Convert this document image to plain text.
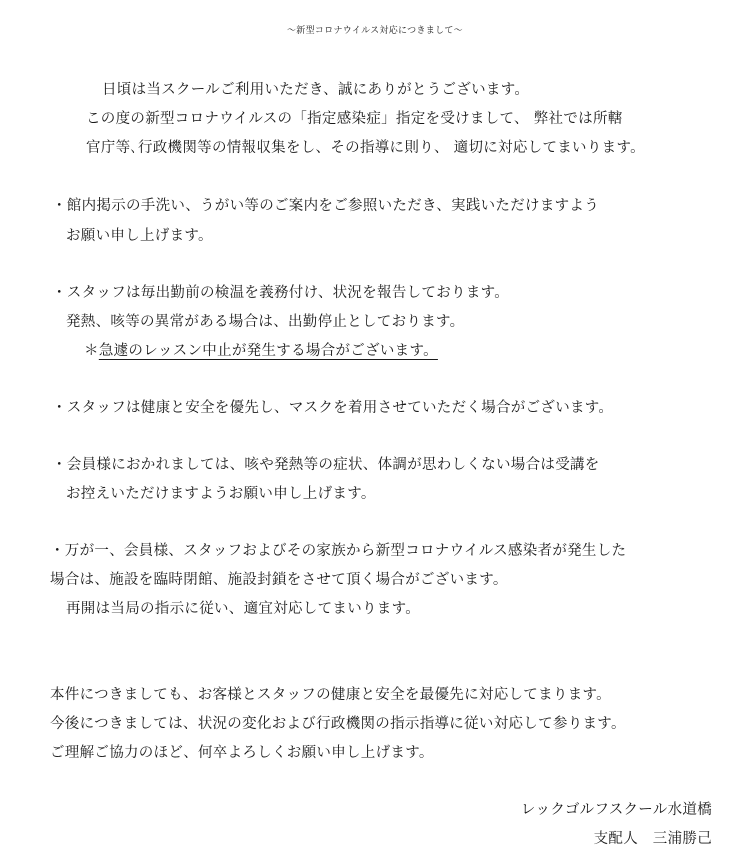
〜新型コロナウイルス対応につきまして〜
日頃は当スクールご利用いただき、誠にありがとうございます。
この度の新型コロナウイルスの「指定感染症」指定を受けまして、 弊社では所轄
官庁等､行政機関等の情報収集をし、その指導に則り、 適切に対応してまいります。
・館内掲示の手洗い、うがい等のご案内をご参照いただき、実践いただけますよう
お願い申し上げます。
・スタッフは毎出勤前の検温を義務付け、状況を報告しております。
発熱、咳等の異常がある場合は、出勤停止としております。
＊急遽のレッスン中止が発生する場合がございます。
・スタッフは健康と安全を優先し、マスクを着用させていただく場合がございます。
・会員様におかれましては、咳や発熱等の症状、体調が思わしくない場合は受講を
お控えいただけますようお願い申し上げます。
・万が一、会員様、スタッフおよびその家族から新型コロナウイルス感染者が発生した
場合は、施設を臨時閉館、施設封鎖をさせて頂く場合がございます。
再開は当局の指示に従い、適宜対応してまいります。
本件につきましても、お客様とスタッフの健康と安全を最優先に対応してまります。
今後につきましては、状況の変化および行政機関の指示指導に従い対応して参ります。
ご理解ご協力のほど、何卒よろしくお願い申し上げます。
レックゴルフスクール水道橋
支配人　三浦勝己
